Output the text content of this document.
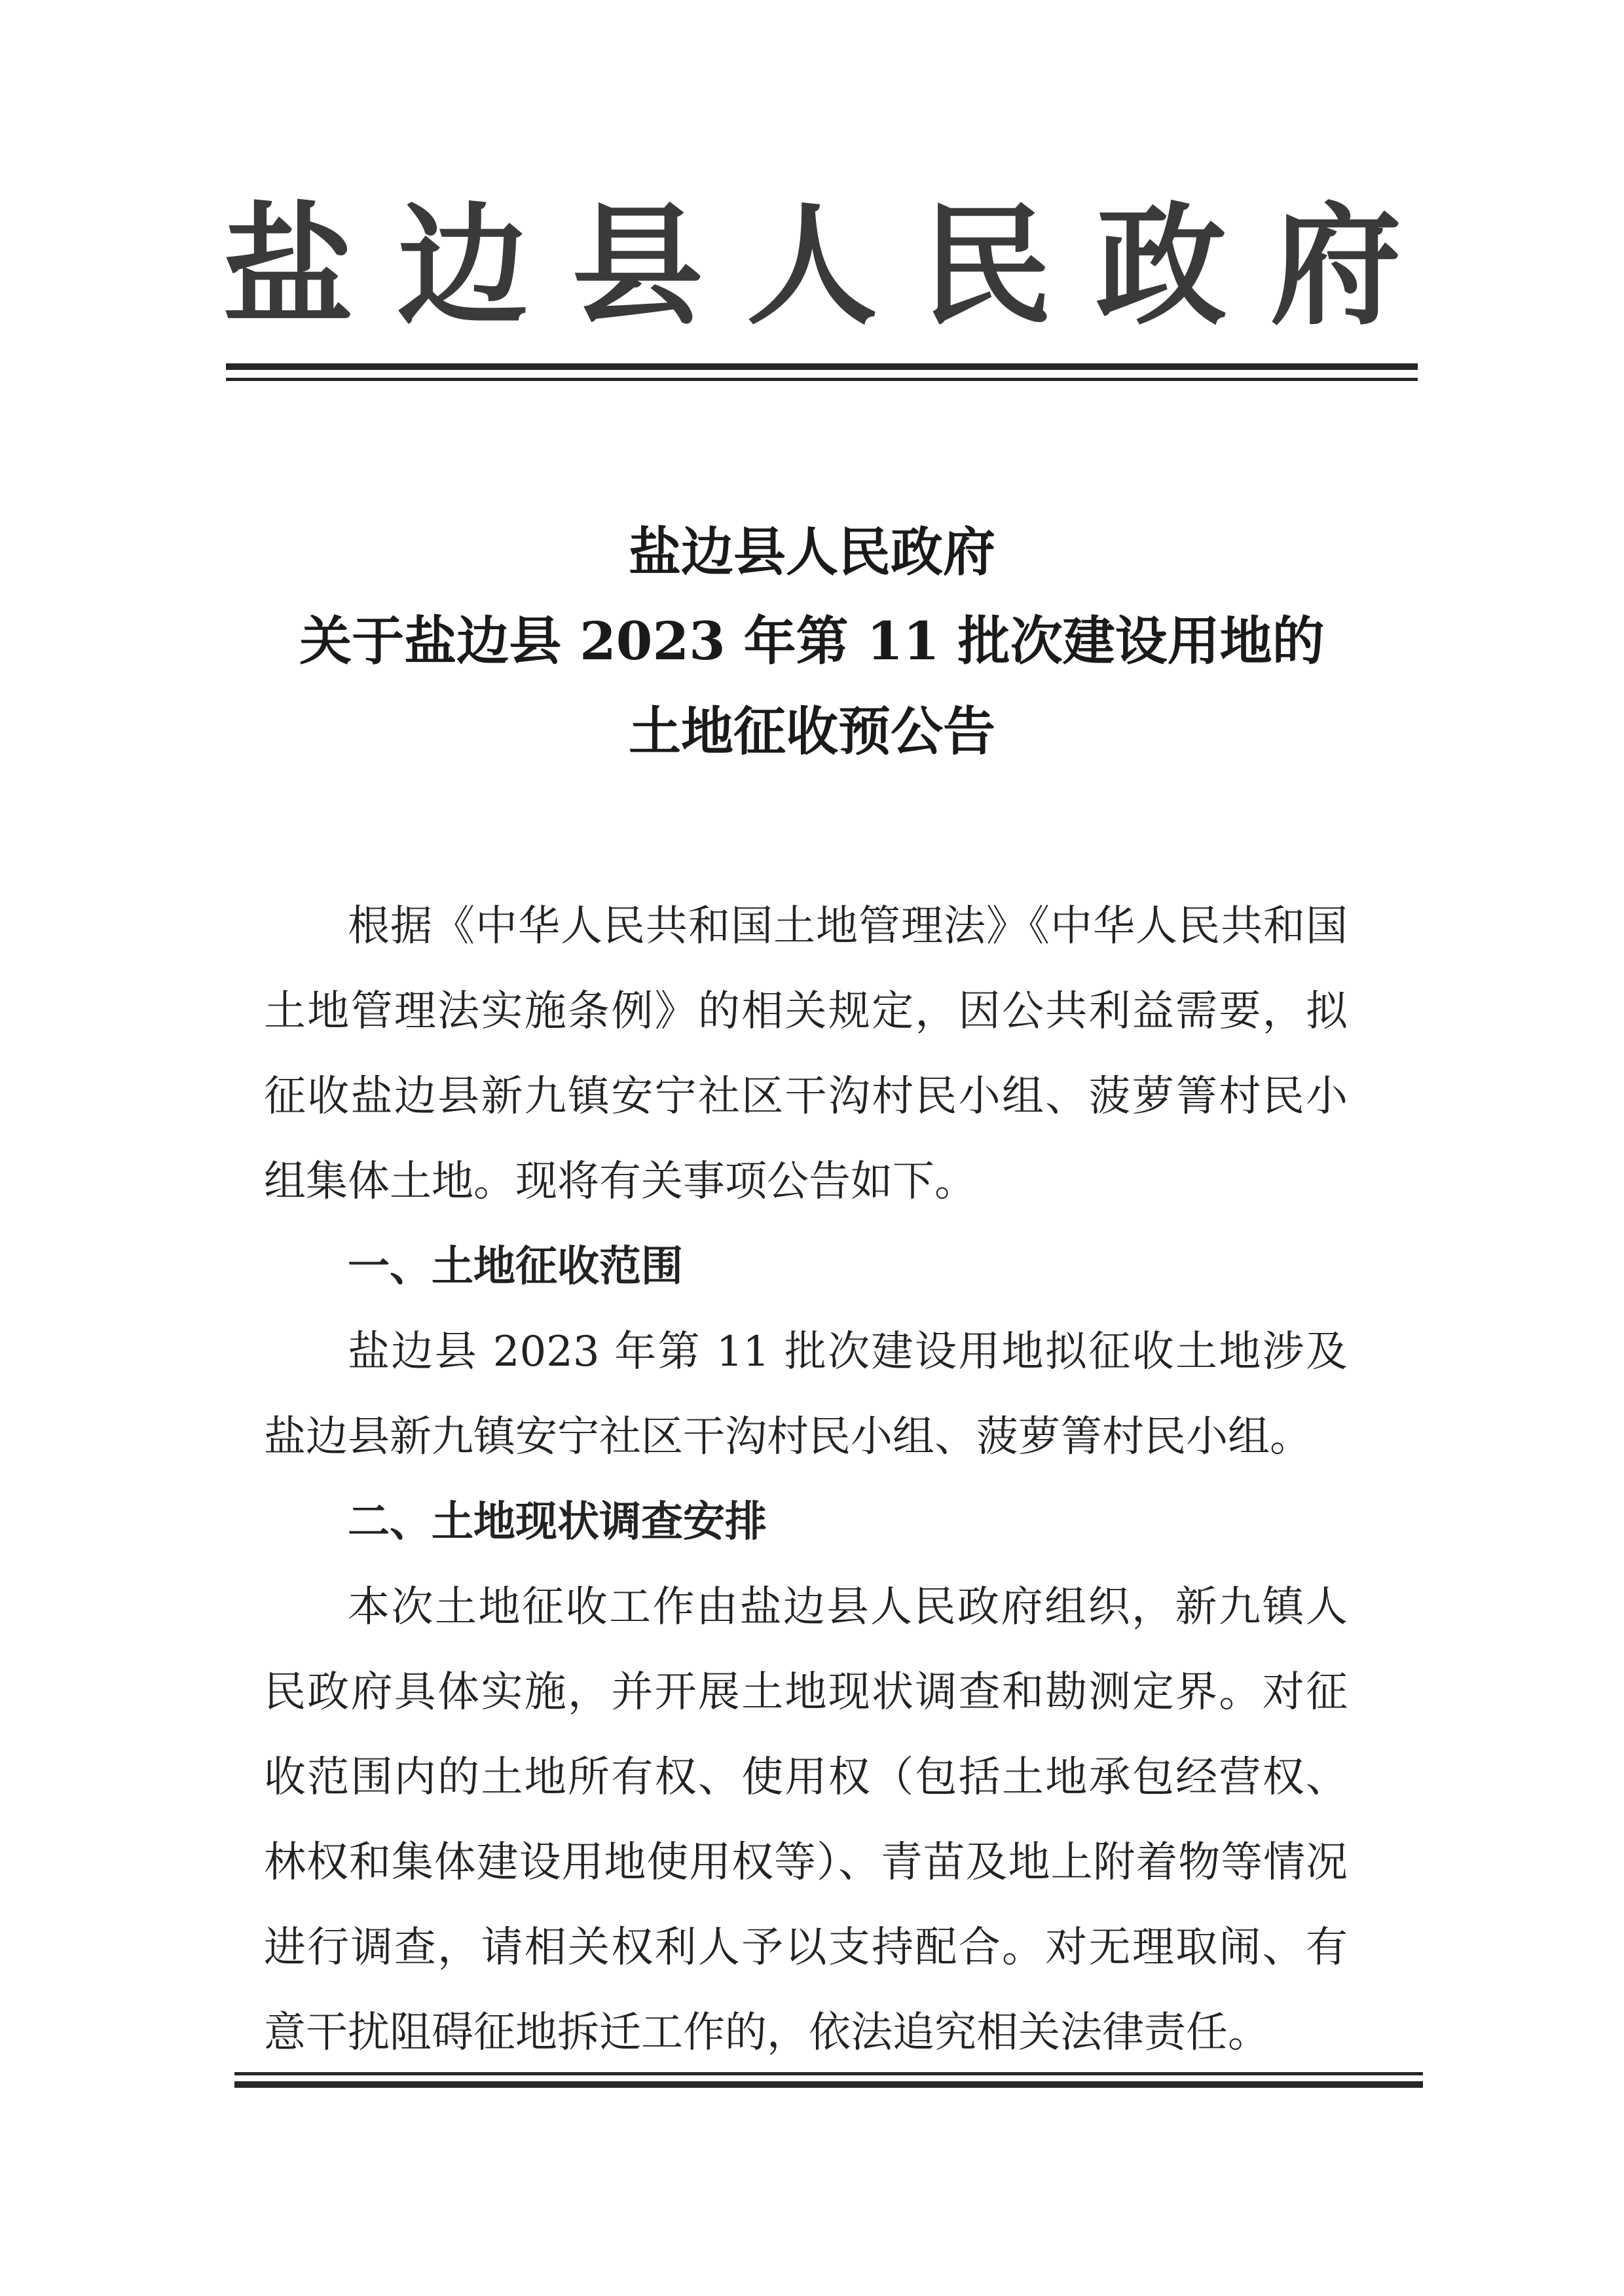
盐 边 县 人 民 政 府
盐边县人民政府
关于盐边县 2023 年第 11 批次建设用地的
土地征收预公告

根据《中华人民共和国土地管理法》《中华人民共和国土地管理法实施条例》的相关规定，因公共利益需要，拟征收盐边县新九镇安宁社区干沟村民小组、菠萝箐村民小组集体土地。现将有关事项公告如下。

一、土地征收范围

盐边县 2023 年第 11 批次建设用地拟征收土地涉及盐边县新九镇安宁社区干沟村民小组、菠萝箐村民小组。

二、土地现状调查安排

本次土地征收工作由盐边县人民政府组织，新九镇人民政府具体实施，并开展土地现状调查和勘测定界。对征收范围内的土地所有权、使用权（包括土地承包经营权、林权和集体建设用地使用权等）、青苗及地上附着物等情况进行调查，请相关权利人予以支持配合。对无理取闹、有意干扰阻碍征地拆迁工作的，依法追究相关法律责任。
